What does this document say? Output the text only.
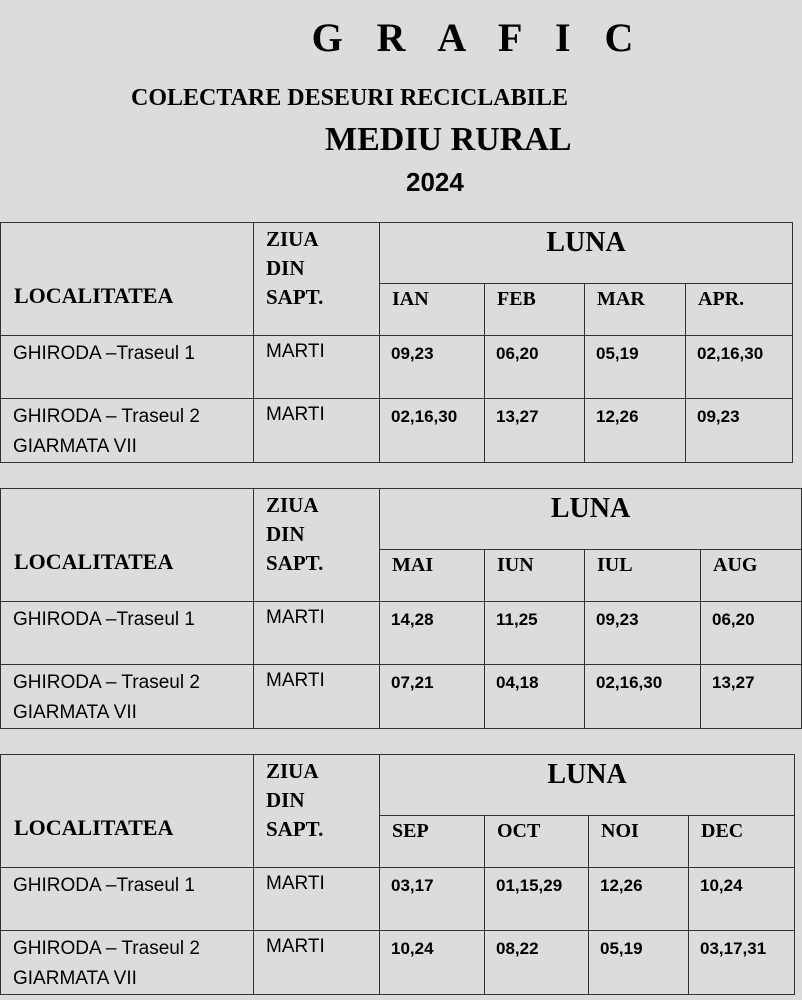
G R A F I C
COLECTARE DESEURI RECICLABILE
MEDIU RURAL
2024
LOCALITATEA	ZIUA
DIN
SAPT.	LUNA			
		IAN	FEB	MAR	APR.

GHIRODA –Traseul 1	MARTI	09,23	06,20	05,19	02,16,30

GHIRODA – Traseul 2
GIARMATA VII	MARTI	02,16,30	13,27	12,26	09,23
LOCALITATEA	ZIUA
DIN
SAPT.	LUNA			
		MAI	IUN	IUL	AUG

GHIRODA –Traseul 1	MARTI	14,28	11,25	09,23	06,20

GHIRODA – Traseul 2
GIARMATA VII	MARTI	07,21	04,18	02,16,30	13,27
LOCALITATEA	ZIUA
DIN
SAPT.	LUNA			
		SEP	OCT	NOI	DEC

GHIRODA –Traseul 1	MARTI	03,17	01,15,29	12,26	10,24

GHIRODA – Traseul 2
GIARMATA VII	MARTI	10,24	08,22	05,19	03,17,31
